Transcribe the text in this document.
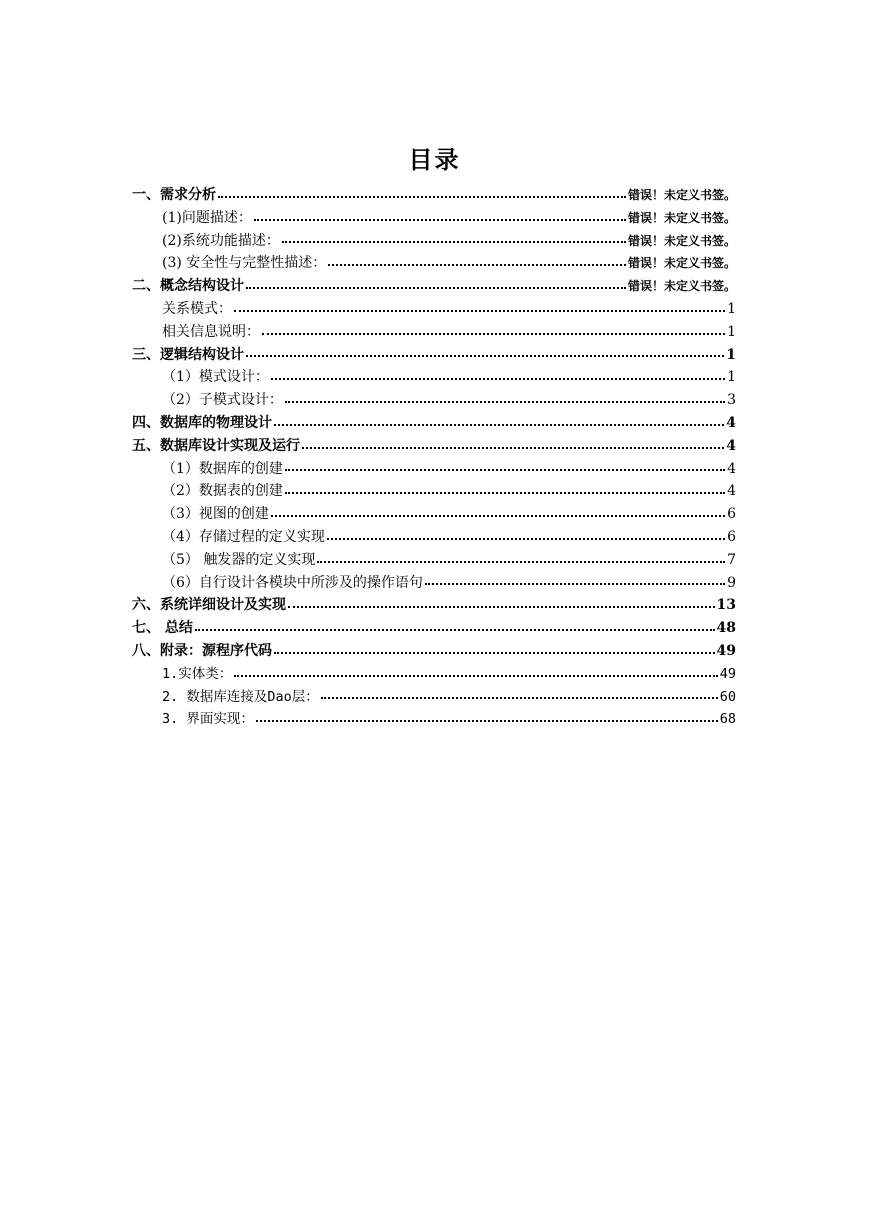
目录
一、需求分析	错误！未定义书签。
(1)问题描述：	错误！未定义书签。
(2)系统功能描述：	错误！未定义书签。
(3) 安全性与完整性描述：	错误！未定义书签。
二、概念结构设计	错误！未定义书签。
关系模式：	1
相关信息说明：	1
三、逻辑结构设计	1
（1）模式设计：	1
（2）子模式设计：	3
四、数据库的物理设计	4
五、数据库设计实现及运行	4
（1）数据库的创建	4
（2）数据表的创建	4
（3）视图的创建	6
（4）存储过程的定义实现	6
（5） 触发器的定义实现	7
（6）自行设计各模块中所涉及的操作语句	9
六、系统详细设计及实现	13
七、 总结	48
八、附录：源程序代码	49
1.实体类：	49
2. 数据库连接及Dao层：	60
3. 界面实现：	68
